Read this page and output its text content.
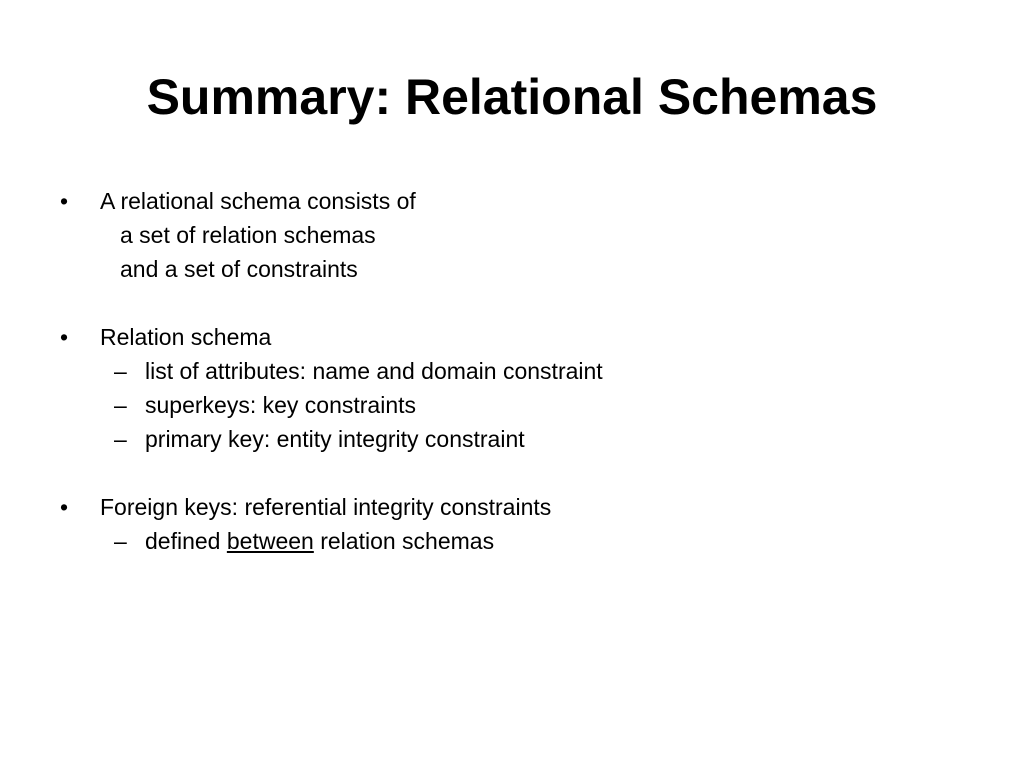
Summary: Relational Schemas
• A relational schema consists of
a set of relation schemas
and a set of constraints
• Relation schema
– list of attributes: name and domain constraint
– superkeys: key constraints
– primary key: entity integrity constraint
• Foreign keys: referential integrity constraints
– defined between relation schemas
